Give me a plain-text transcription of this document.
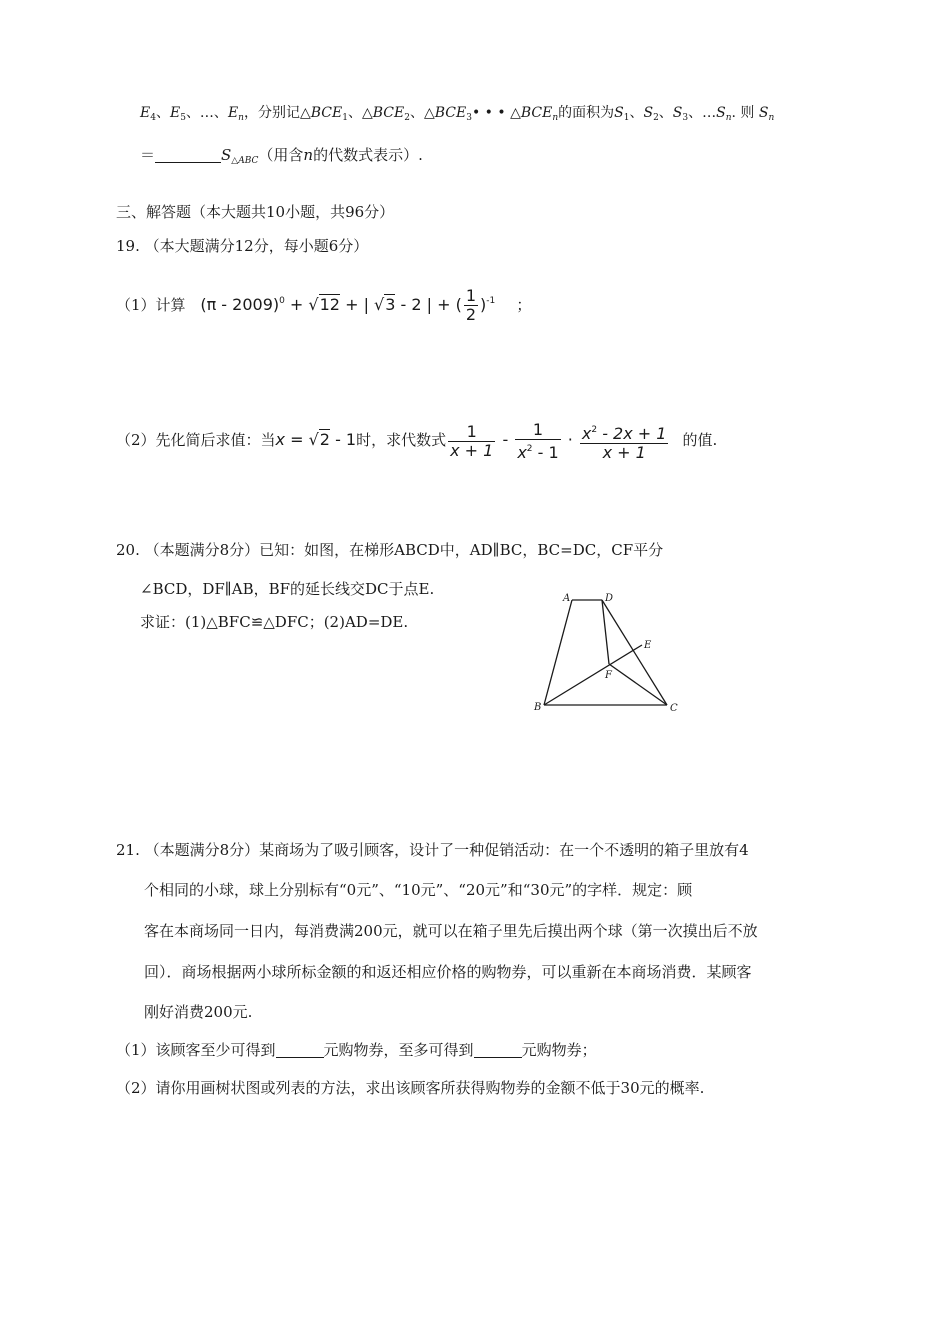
$E_4$、$E_5$、…、$E_n$，分别记$\triangle BCE_1$、$\triangle BCE_2$、$\triangle BCE_3•$ • • $\triangle BCE_n$的面积为$S_1$、$S_2$、$S_3$、$\dots S_n$. 则 $S_n$
＝	$S_{\triangle ABC}$（用含n的代数式表示）.
三、解答题（本大题共10小题，共96分）
19. （本大题满分12分，每小题6分）
（1）计算 (π - 2009)$^0$ + √12 + | √3 - 2 | + ( $\frac{1}{2} )^{-1}$ ；
（2）先化简后求值：当x = √2 - 1时，求代数式 $\frac{1}{x + 1} - \frac{1}{x^2 - 1} \cdot \frac{x^2 - 2x + 1}{x + 1}$ 的值.
20. （本题满分8分）已知：如图，在梯形ABCD中，AD∥BC，BC=DC，CF平分
∠BCD，DF∥AB，BF的延长线交DC于点E.
求证：(1)△BFC≌△DFC；(2)AD=DE.
A	D
E
F
B	C
21. （本题满分8分）某商场为了吸引顾客，设计了一种促销活动：在一个不透明的箱子里放有4
个相同的小球，球上分别标有“0元”、“10元”、“20元”和“30元”的字样．规定：顾
客在本商场同一日内，每消费满200元，就可以在箱子里先后摸出两个球（第一次摸出后不放
回）．商场根据两小球所标金额的和返还相应价格的购物券，可以重新在本商场消费．某顾客
刚好消费200元.
（1）该顾客至少可得到	元购物券，至多可得到	元购物券；
（2）请你用画树状图或列表的方法，求出该顾客所获得购物券的金额不低于30元的概率.
